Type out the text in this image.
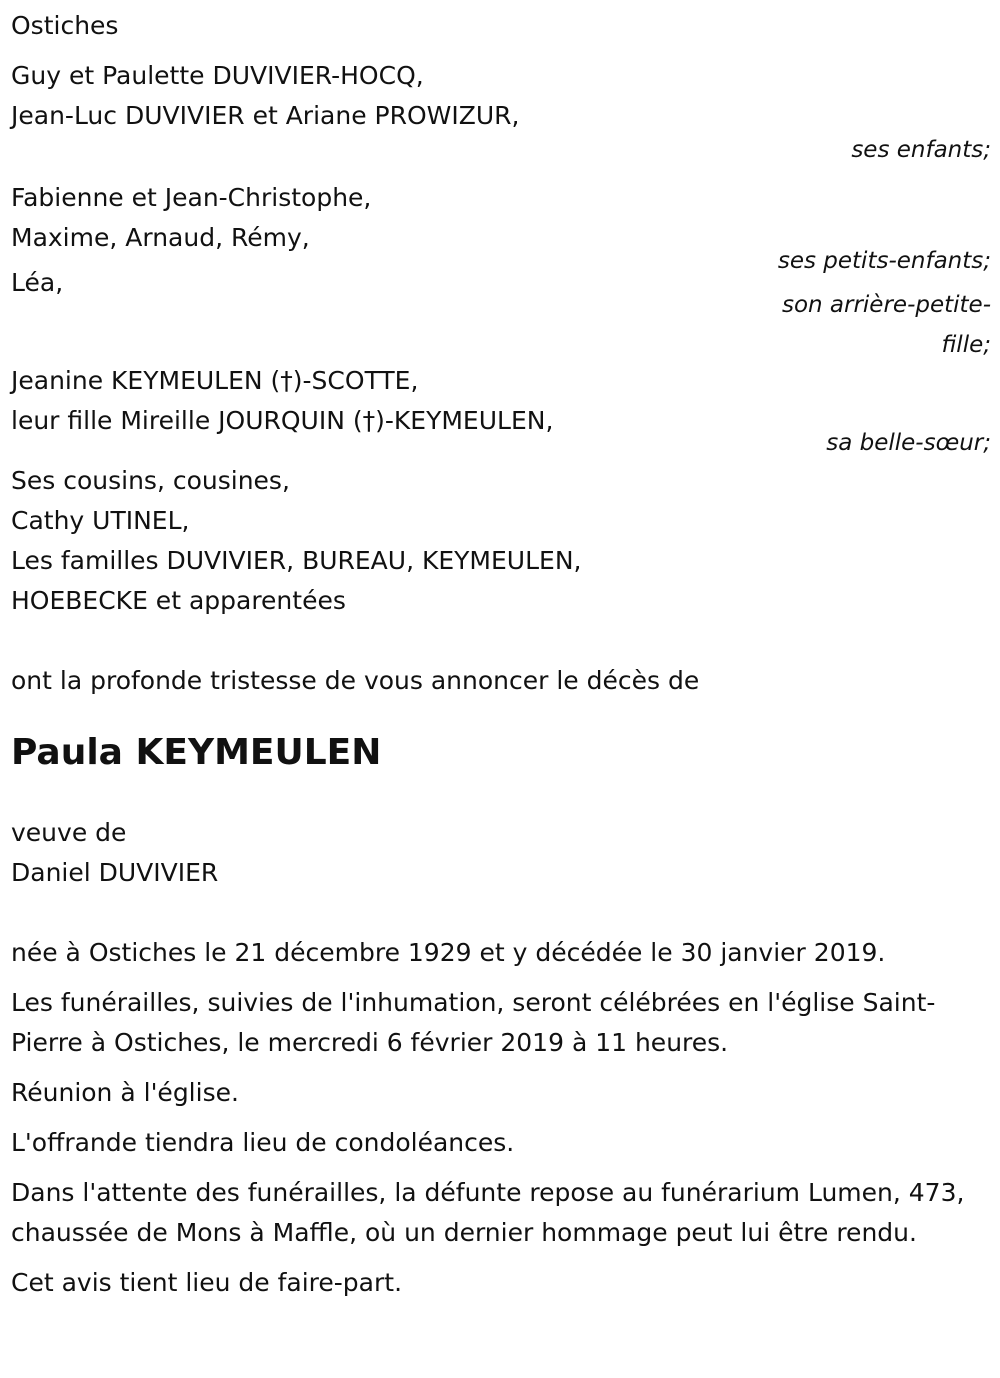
Ostiches
Guy et Paulette DUVIVIER-HOCQ,
Jean-Luc DUVIVIER et Ariane PROWIZUR,
ses enfants;
Fabienne et Jean-Christophe,
Maxime, Arnaud, Rémy,
ses petits-enfants;
Léa,
son arrière-petite-
fille;
Jeanine KEYMEULEN (†)-SCOTTE,
leur fille Mireille JOURQUIN (†)-KEYMEULEN,
sa belle-sœur;
Ses cousins, cousines,
Cathy UTINEL,
Les familles DUVIVIER, BUREAU, KEYMEULEN,
HOEBECKE et apparentées
ont la profonde tristesse de vous annoncer le décès de
Paula KEYMEULEN
veuve de
Daniel DUVIVIER
née à Ostiches le 21 décembre 1929 et y décédée le 30 janvier 2019.
Les funérailles, suivies de l'inhumation, seront célébrées en l'église Saint-Pierre à Ostiches, le mercredi 6 février 2019 à 11 heures.
Réunion à l'église.
L'offrande tiendra lieu de condoléances.
Dans l'attente des funérailles, la défunte repose au funérarium Lumen, 473, chaussée de Mons à Maffle, où un dernier hommage peut lui être rendu.
Cet avis tient lieu de faire-part.
